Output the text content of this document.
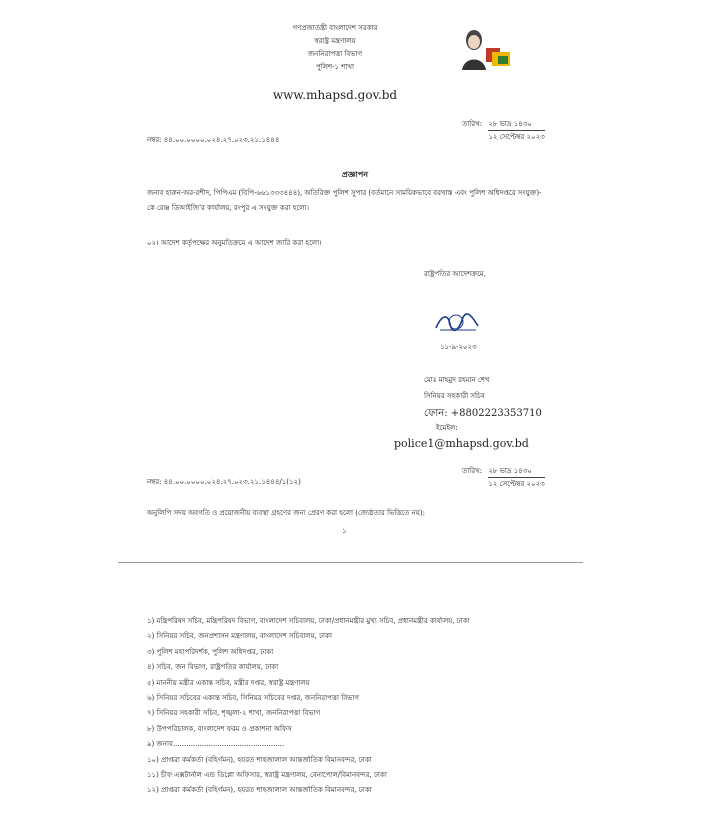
গণপ্রজাতন্ত্রী বাংলাদেশ সরকার
স্বরাষ্ট্র মন্ত্রণালয়
জননিরাপত্তা বিভাগ
পুলিশ-১ শাখা
www.mhapsd.gov.bd
নম্বর: ৪৪.০০.০০০০.০২৪.২৭.০২৩.২১.১৪৪৪
তারিখ: ২৮ ভাদ্র ১৪৩০
১২ সেপ্টেম্বর ২০২৩
প্রজ্ঞাপন
জনাব হারুন-অর-রশীদ, পিপিএম (বিপি-৬৬১৩৩৩৪৪৪), অতিরিক্ত পুলিশ সুপার (বর্তমানে সাময়িকভাবে বরখাস্ত এবং পুলিশ অধিদপ্তরে সংযুক্ত)-কে রেঞ্জ ডিআইজি'র কার্যালয়, রংপুর এ সংযুক্ত করা হলো।
০২। আদেশ কর্তৃপক্ষের অনুমতিক্রমে এ আদেশ জারি করা হলো।
রাষ্ট্রপতির আদেশক্রমে,
১১-৯-২০২৩
মোঃ মাহমুদ রহমান শেখ
সিনিয়র সহকারী সচিব
ফোন: +8802223353710
ইমেইল:
police1@mhapsd.gov.bd
নম্বর: ৪৪.০০.০০০০.০২৪.২৭.০২৩.২১.১৪৪৪/১(১২)
তারিখ: ২৮ ভাদ্র ১৪৩০
১২ সেপ্টেম্বর ২০২৩
অনুলিপি সদয় অবগতি ও প্রয়োজনীয় ব্যবস্থা গ্রহণের জন্য প্রেরণ করা হলো (জ্যেষ্ঠতার ভিত্তিতে নয়):
১
১) মন্ত্রিপরিষদ সচিব, মন্ত্রিপরিষদ বিভাগ, বাংলাদেশ সচিবালয়, ঢাকা/প্রধানমন্ত্রীর মুখ্য সচিব, প্রধানমন্ত্রীর কার্যালয়, ঢাকা
২) সিনিয়র সচিব, জনপ্রশাসন মন্ত্রণালয়, বাংলাদেশ সচিবালয়, ঢাকা
৩) পুলিশ মহাপরিদর্শক, পুলিশ অধিদপ্তর, ঢাকা
৪) সচিব, জন বিভাগ, রাষ্ট্রপতির কার্যালয়, ঢাকা
৫) মাননীয় মন্ত্রীর একান্ত সচিব, মন্ত্রীর দপ্তর, স্বরাষ্ট্র মন্ত্রণালয়
৬) সিনিয়র সচিবের একান্ত সচিব, সিনিয়র সচিবের দপ্তর, জননিরাপত্তা বিভাগ
৭) সিনিয়র সহকারী সচিব, শৃঙ্খলা-২ শাখা, জননিরাপত্তা বিভাগ
৮) উপপরিচালক, বাংলাদেশ ফরম ও প্রকাশনা অফিস
৯) জনাব..................................................
১০) প্রাপ্তরা কর্মকর্তা (বহির্গমন), হযরত শাহজালাল আন্তর্জাতিক বিমানবন্দর, ঢাকা
১১) চীফ এক্সটার্নাল এন্ড ডিপ্লো অফিসার, স্বরাষ্ট্র মন্ত্রণালয়, বেনাপোল/বিমানবন্দর, ঢাকা
১২) প্রাপ্তরা কর্মকর্তা (বহির্গমন), হযরত শাহজালাল আন্তর্জাতিক বিমানবন্দর, ঢাকা
